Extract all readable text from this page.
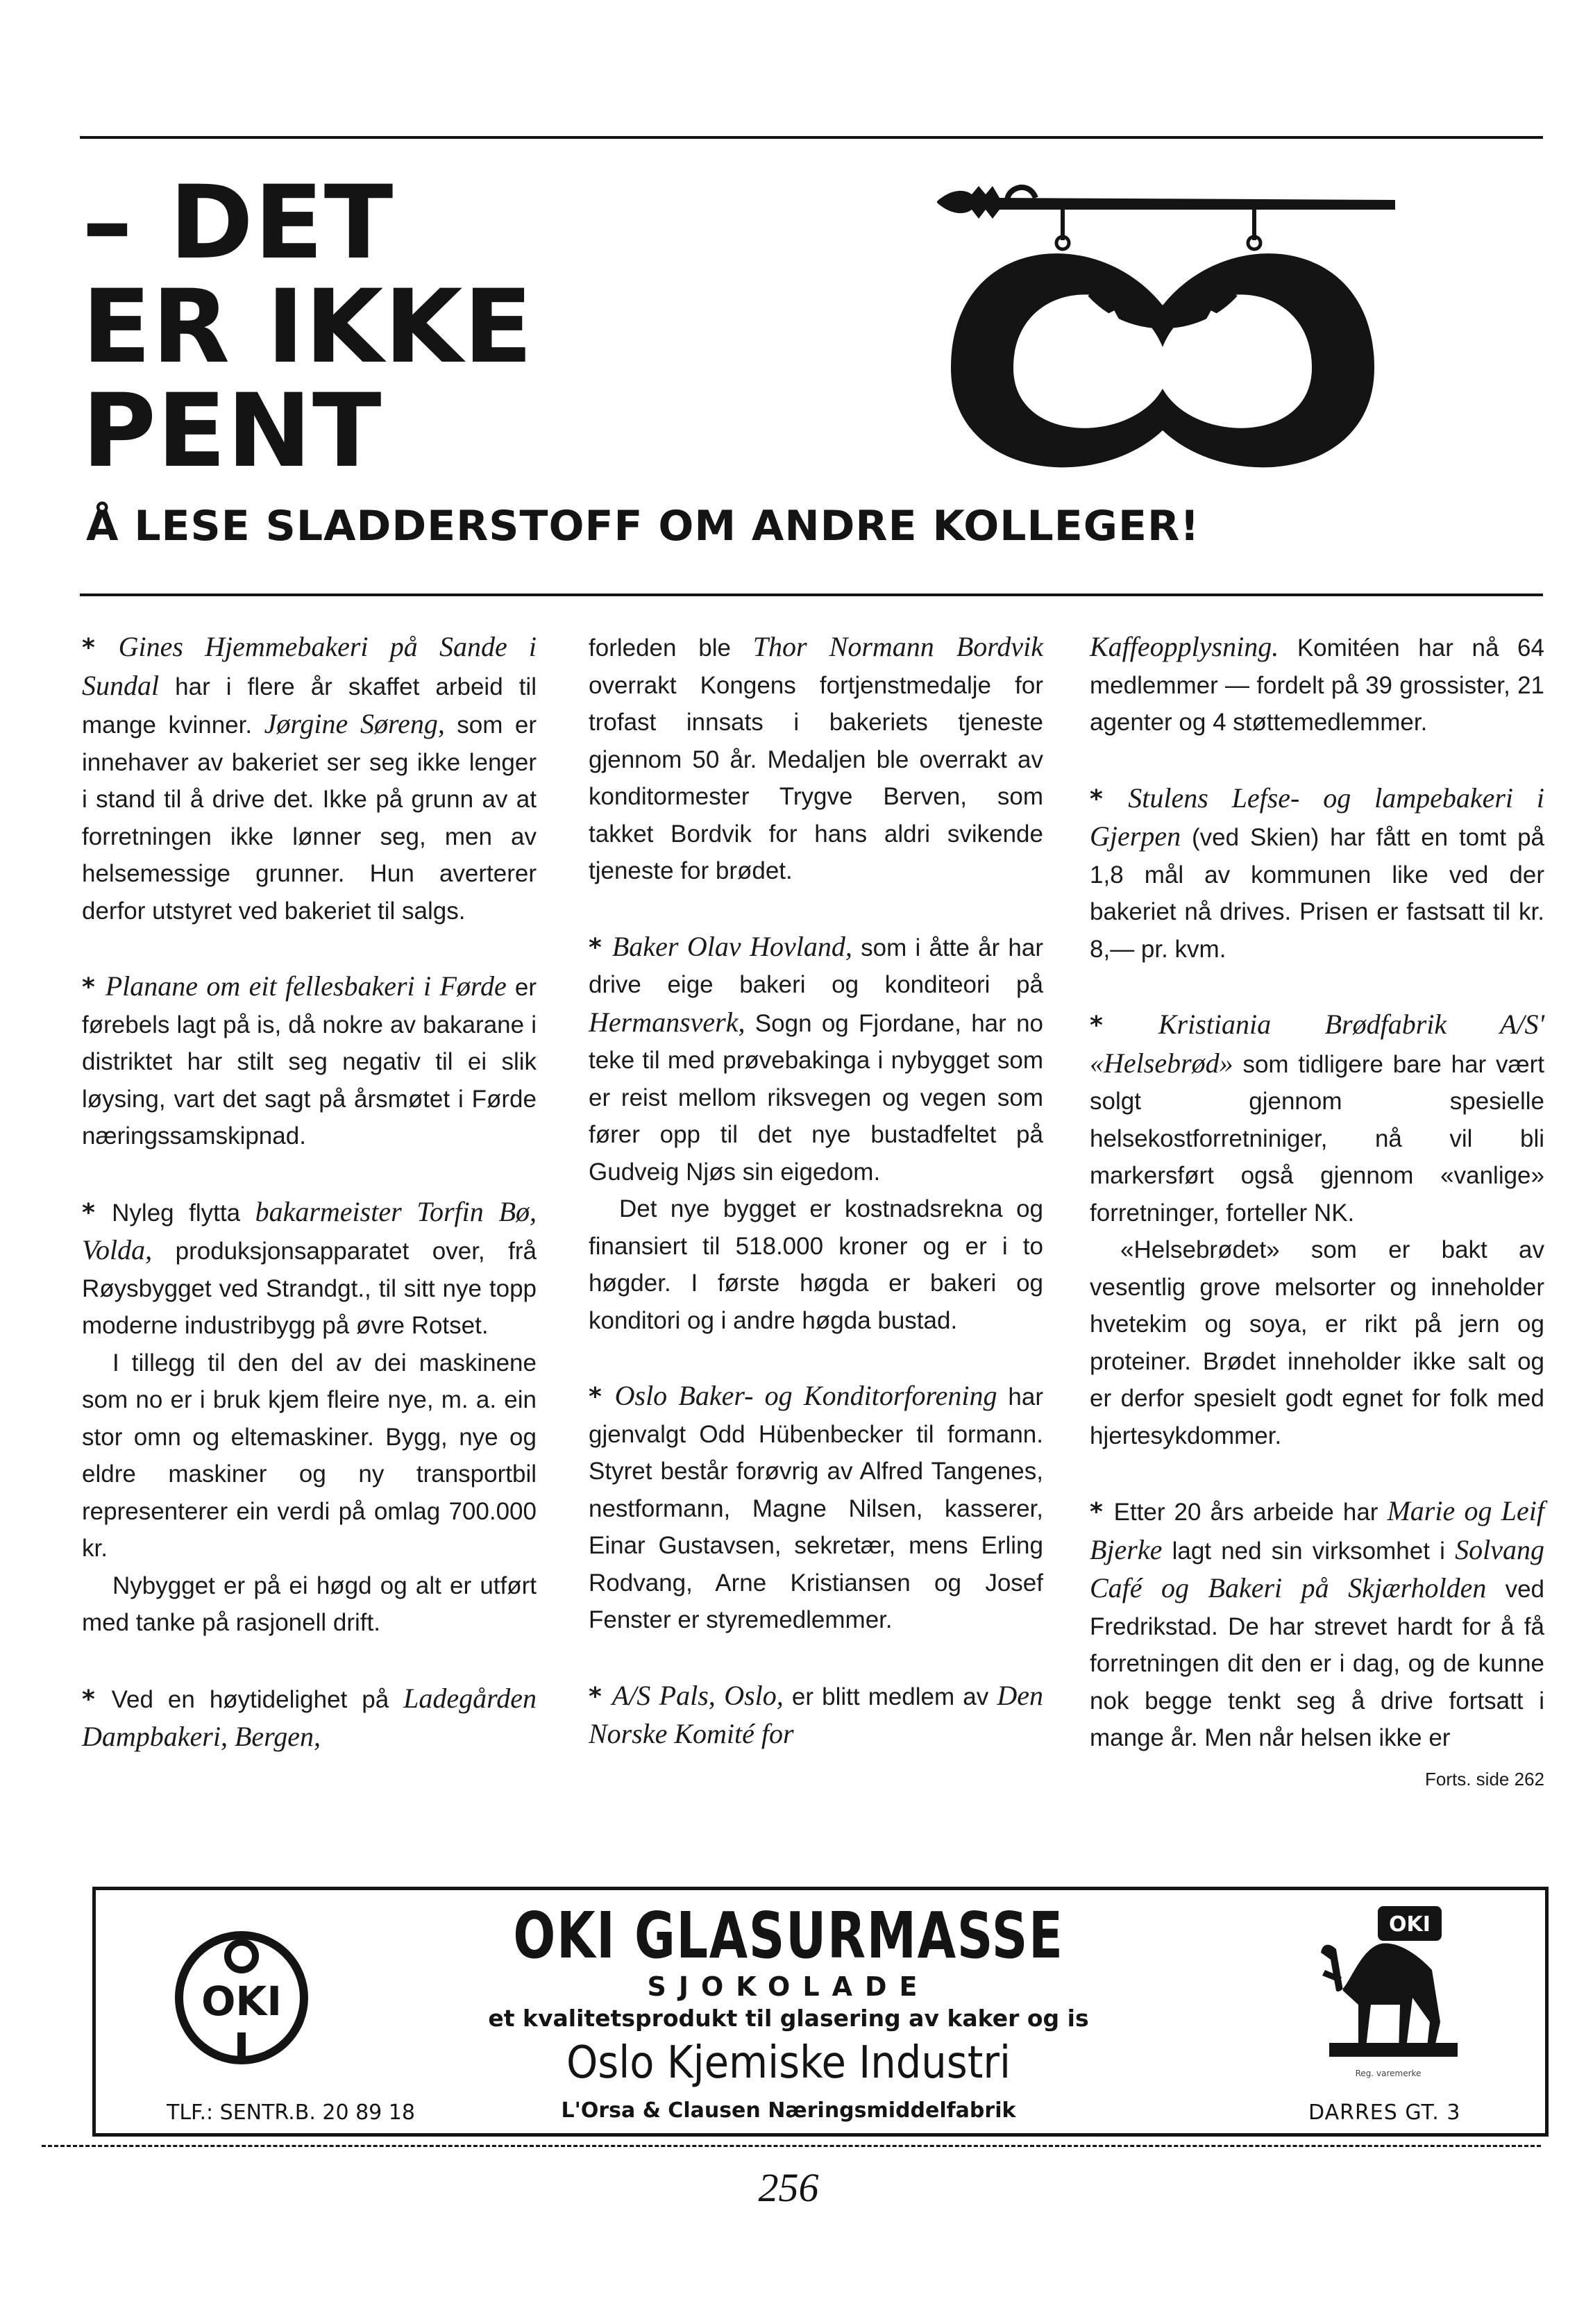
– DET
ER IKKE
PENT
Å LESE SLADDERSTOFF OM ANDRE KOLLEGER!

* Gines Hjemmebakeri på Sande i Sundal har i flere år skaffet arbeid til mange kvinner. Jørgine Søreng, som er innehaver av bakeriet ser seg ikke lenger i stand til å drive det. Ikke på grunn av at forretningen ikke lønner seg, men av helsemessige grunner. Hun averterer derfor utstyret ved bakeriet til salgs.

* Planane om eit fellesbakeri i Førde er førebels lagt på is, då nokre av bakarane i distriktet har stilt seg negativ til ei slik løysing, vart det sagt på årsmøtet i Førde næringssamskipnad.

* Nyleg flytta bakarmeister Torfin Bø, Volda, produksjonsapparatet over, frå Røysbygget ved Strandgt., til sitt nye topp moderne industribygg på øvre Rotset.

I tillegg til den del av dei maskinene som no er i bruk kjem fleire nye, m. a. ein stor omn og eltemaskiner. Bygg, nye og eldre maskiner og ny transportbil representerer ein verdi på omlag 700.000 kr.

Nybygget er på ei høgd og alt er utført med tanke på rasjonell drift.

* Ved en høytidelighet på Ladegården Dampbakeri, Bergen,

forleden ble Thor Normann Bordvik overrakt Kongens fortjenstmedalje for trofast innsats i bakeriets tjeneste gjennom 50 år. Medaljen ble overrakt av konditormester Trygve Berven, som takket Bordvik for hans aldri svikende tjeneste for brødet.

* Baker Olav Hovland, som i åtte år har drive eige bakeri og konditeori på Hermansverk, Sogn og Fjordane, har no teke til med prøvebakinga i nybygget som er reist mellom riksvegen og vegen som fører opp til det nye bustadfeltet på Gudveig Njøs sin eigedom.

Det nye bygget er kostnadsrekna og finansiert til 518.000 kroner og er i to høgder. I første høgda er bakeri og konditori og i andre høgda bustad.

* Oslo Baker- og Konditorforening har gjenvalgt Odd Hübenbecker til formann. Styret består forøvrig av Alfred Tangenes, nestformann, Magne Nilsen, kasserer, Einar Gustavsen, sekretær, mens Erling Rodvang, Arne Kristiansen og Josef Fenster er styremedlemmer.

* A/S Pals, Oslo, er blitt medlem av Den Norske Komité for

Kaffeopplysning. Komitéen har nå 64 medlemmer — fordelt på 39 grossister, 21 agenter og 4 støttemedlemmer.

* Stulens Lefse- og lampebakeri i Gjerpen (ved Skien) har fått en tomt på 1,8 mål av kommunen like ved der bakeriet nå drives. Prisen er fastsatt til kr. 8,— pr. kvm.

* Kristiania Brødfabrik A/S' «Helsebrød» som tidligere bare har vært solgt gjennom spesielle helsekostforretniniger, nå vil bli markersført også gjennom «vanlige» forretninger, forteller NK.

«Helsebrødet» som er bakt av vesentlig grove melsorter og inneholder hvetekim og soya, er rikt på jern og proteiner. Brødet inneholder ikke salt og er derfor spesielt godt egnet for folk med hjertesykdommer.

* Etter 20 års arbeide har Marie og Leif Bjerke lagt ned sin virksomhet i Solvang Café og Bakeri på Skjærholden ved Fredrikstad. De har strevet hardt for å få forretningen dit den er i dag, og de kunne nok begge tenkt seg å drive fortsatt i mange år. Men når helsen ikke er

Forts. side 262
OKI
OKI GLASURMASSE
SJOKOLADE
et kvalitetsprodukt til glasering av kaker og is
Oslo Kjemiske Industri
L'Orsa & Clausen Næringsmiddelfabrik
TLF.: SENTR.B. 20 89 18	DARRES GT. 3
OKI
Reg. varemerke
256
